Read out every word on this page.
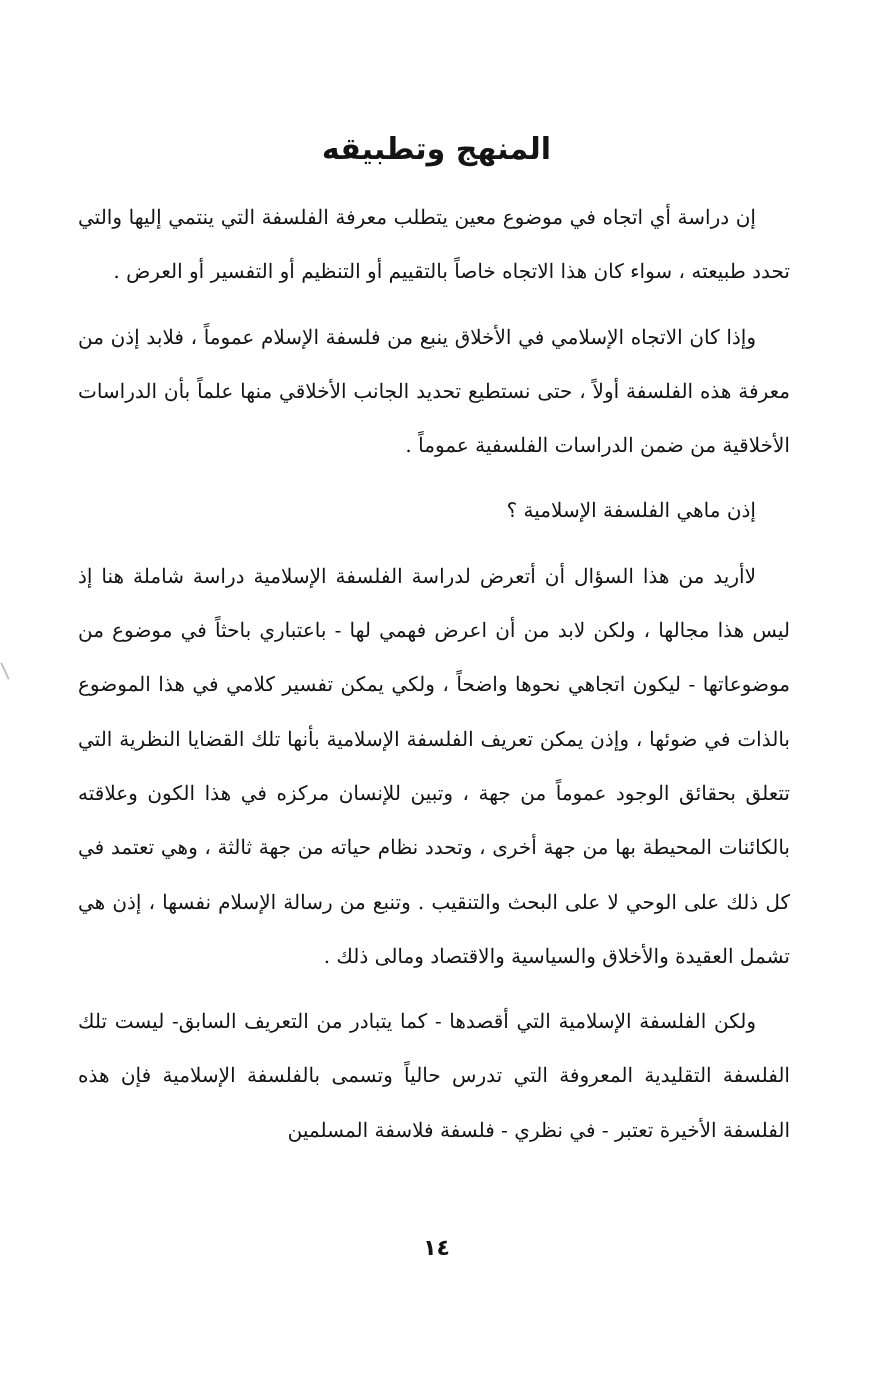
المنهج وتطبيقه

إن دراسة أي اتجاه في موضوع معين يتطلب معرفة الفلسفة التي ينتمي إليها والتي تحدد طبيعته ، سواء كان هذا الاتجاه خاصاً بالتقييم أو التنظيم أو التفسير أو العرض .

وإذا كان الاتجاه الإسلامي في الأخلاق ينبع من فلسفة الإسلام عموماً ، فلابد إذن من معرفة هذه الفلسفة أولاً ، حتى نستطيع تحديد الجانب الأخلاقي منها علماً بأن الدراسات الأخلاقية من ضمن الدراسات الفلسفية عموماً .

إذن ماهي الفلسفة الإسلامية ؟

لاأريد من هذا السؤال أن أتعرض لدراسة الفلسفة الإسلامية دراسة شاملة هنا إذ ليس هذا مجالها ، ولكن لابد من أن اعرض فهمي لها - باعتباري باحثاً في موضوع من موضوعاتها - ليكون اتجاهي نحوها واضحاً ، ولكي يمكن تفسير كلامي في هذا الموضوع بالذات في ضوئها ، وإذن يمكن تعريف الفلسفة الإسلامية بأنها تلك القضايا النظرية التي تتعلق بحقائق الوجود عموماً من جهة ، وتبين للإنسان مركزه في هذا الكون وعلاقته بالكائنات المحيطة بها من جهة أخرى ، وتحدد نظام حياته من جهة ثالثة ، وهي تعتمد في كل ذلك على الوحي لا على البحث والتنقيب . وتنبع من رسالة الإسلام نفسها ، إذن هي تشمل العقيدة والأخلاق والسياسية والاقتصاد ومالى ذلك .

ولكن الفلسفة الإسلامية التي أقصدها - كما يتبادر من التعريف السابق- ليست تلك الفلسفة التقليدية المعروفة التي تدرس حالياً وتسمى بالفلسفة الإسلامية فإن هذه الفلسفة الأخيرة تعتبر - في نظري - فلسفة فلاسفة المسلمين

١٤
